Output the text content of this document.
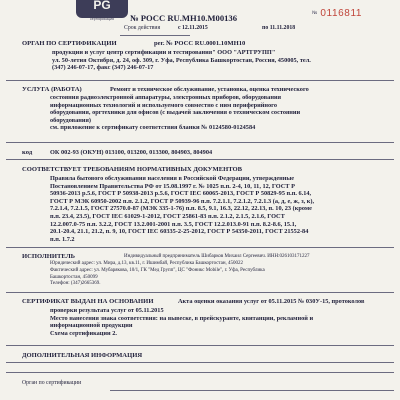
PG
сертификация	№ РОСС RU.МН10.М00136
Срок действия	с 12.11.2015	по 11.11.2018
№ 0116811
ОРГАН ПО СЕРТИФИКАЦИИ	рег. № РОСС RU.0001.10МН10
продукции и услуг центр сертификации и тестирования" ООО "АРТГРУПП"
ул. 50-летия Октября, д. 24, оф. 309, г. Уфа, Республика Башкортостан, Россия, 450005, тел.
(347) 246-07-17, факс (347) 246-07-17
УСЛУГА (РАБОТА)	Ремонт и техническое обслуживание, установка, оценка технического
состояния радиоэлектронной аппаратуры, электронных приборов, оборудования
информационных технологий и используемого совместно с ним периферийного
оборудования, оргтехники для офисов (с выдачей заключения о техническом состоянии
оборудования)
см. приложение к сертификату соответствия бланки № 0124580-0124584
код	ОК 002-93 (ОКУН) 013100, 013200, 013300, 804903, 804904
СООТВЕТСТВУЕТ ТРЕБОВАНИЯМ НОРМАТИВНЫХ ДОКУМЕНТОВ
Правила бытового обслуживания населения в Российской Федерации, утвержденные
Постановлением Правительства РФ от 15.08.1997 г. № 1025 п.п. 2-4, 10, 11, 12, ГОСТ Р
50936-2013 р.5.6, ГОСТ Р 50938-2013 р.5.6, ГОСТ IEC 60065-2013, ГОСТ Р 50829-95 п.п. 6.14,
ГОСТ Р МЭК 60950-2002 п.п. 2.1.2, ГОСТ Р 50939-96 п.п. 7.2.1.1, 7.2.1.2, 7.2.1.3 (а, д, е, ж, з, к),
7.2.1.4, 7.2.1.5, ГОСТ 27570.0-87 (МЭК 335-1-76) п.п. 8.5, 9.1, 16.3, 22.12, 22.13, п. 10, 23 (кроме
п.п. 23.4, 23.5), ГОСТ IEC 61029-1-2012, ГОСТ 25861-83 п.п. 2.1.2, 2.1.5, 2.1.6, ГОСТ
12.2.007.0-75 п.п. 3.2.2, ГОСТ 13.2.001-2001 п.п. 3.5, ГОСТ 12.2.013.0-91 п.п. 8.2-8.6, 15.1,
20.1-20.4, 21.1, 21.2, п. 9, 10, ГОСТ IEC 60335-2-25-2012, ГОСТ Р 54350-2011, ГОСТ 21552-84
п.п. 1.7.2
ИСПОЛНИТЕЛЬ	Индивидуальный предприниматель Шибарков Михаил Сергеевич. ИНН:026103171227
Юридический адрес: ул. Мира, д.13, кв.11, г. Ишимбай, Республика Башкортостан, 450022
Фактический адрес: ул. Мубарякова, 10/1, ГК "Мед Групп", ЦС "Фоникс Mobile", г. Уфа, Республика
Башкортостан, 450099
Телефон: (347)2665369.
СЕРТИФИКАТ ВЫДАН НА ОСНОВАНИИ	Акта оценки оказания услуг от 05.11.2015 № 030У-15, протоколов
проверки результата услуг от 05.11.2015
Место нанесения знака соответствия: на вывеске, в прейскуранте, квитанции, рекламной и
информационной продукции
Схема сертификации 2.
ДОПОЛНИТЕЛЬНАЯ ИНФОРМАЦИЯ
Орган по сертификации
